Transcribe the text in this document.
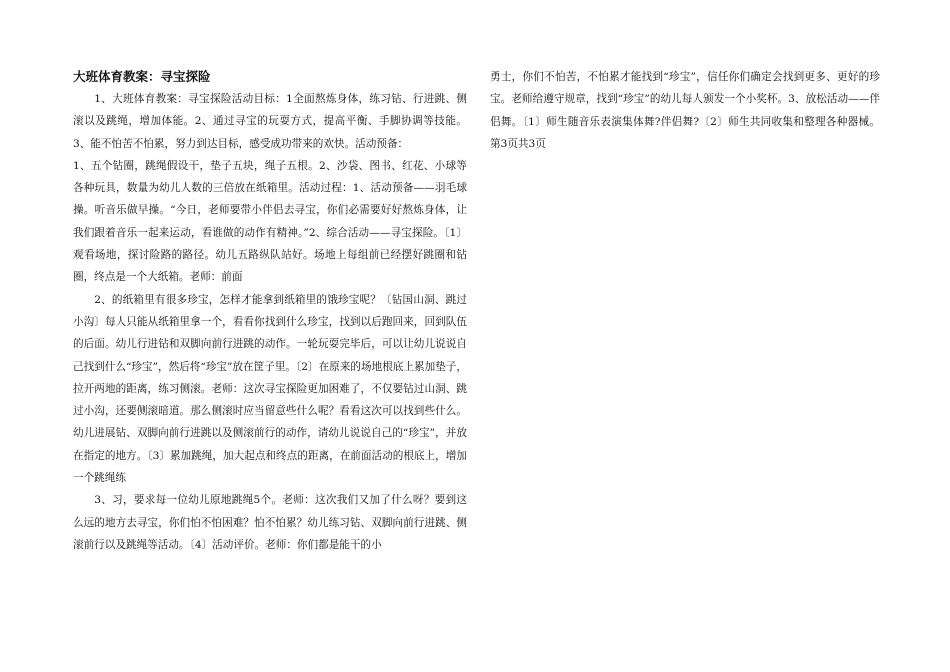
大班体育教案：寻宝探险

1、大班体育教案：寻宝探险活动目标：1全面熬炼身体，练习钻、行进跳、侧滚以及跳绳，增加体能。2、通过寻宝的玩耍方式，提高平衡、手脚协调等技能。3、能不怕苦不怕累，努力到达目标，感受成功带来的欢快。活动预备：

1、五个钻圈，跳绳假设干，垫子五块，绳子五根。2、沙袋、图书、红花、小球等各种玩具，数量为幼儿人数的三倍放在纸箱里。活动过程：1、活动预备——羽毛球操。听音乐做早操。“今日，老师要带小伴侣去寻宝，你们必需要好好熬炼身体，让我们跟着音乐一起来运动，看谁做的动作有精神。”2、综合活动——寻宝探险。〔1〕观看场地，探讨险路的路径。幼儿五路纵队站好。场地上每组前已经摆好跳圈和钻圈，终点是一个大纸箱。老师：前面

2、的纸箱里有很多珍宝，怎样才能拿到纸箱里的饿珍宝呢？〔钻国山洞、跳过小沟〕每人只能从纸箱里拿一个，看看你找到什么珍宝，找到以后跑回来，回到队伍的后面。幼儿行进钻和双脚向前行进跳的动作。一轮玩耍完毕后，可以让幼儿说说自己找到什么“珍宝”，然后将“珍宝”放在筐子里。〔2〕在原来的场地根底上累加垫子，拉开两地的距离，练习侧滚。老师：这次寻宝探险更加困难了，不仅要钻过山洞、跳过小沟，还要侧滚暗道。那么侧滚时应当留意些什么呢？看看这次可以找到些什么。幼儿进展钻、双脚向前行进跳以及侧滚前行的动作，请幼儿说说自己的“珍宝”，并放在指定的地方。〔3〕累加跳绳，加大起点和终点的距离，在前面活动的根底上，增加一个跳绳练

3、习，要求每一位幼儿原地跳绳5个。老师：这次我们又加了什么呀？要到这么远的地方去寻宝，你们怕不怕困难？怕不怕累？幼儿练习钻、双脚向前行进跳、侧滚前行以及跳绳等活动。〔4〕活动评价。老师：你们都是能干的小

勇士，你们不怕苦，不怕累才能找到“珍宝”，信任你们确定会找到更多、更好的珍宝。老师给遵守规章，找到“珍宝”的幼儿每人颁发一个小奖杯。3、放松活动——伴侣舞。〔1〕师生随音乐表演集体舞?伴侣舞?〔2〕师生共同收集和整理各种器械。第3页共3页
